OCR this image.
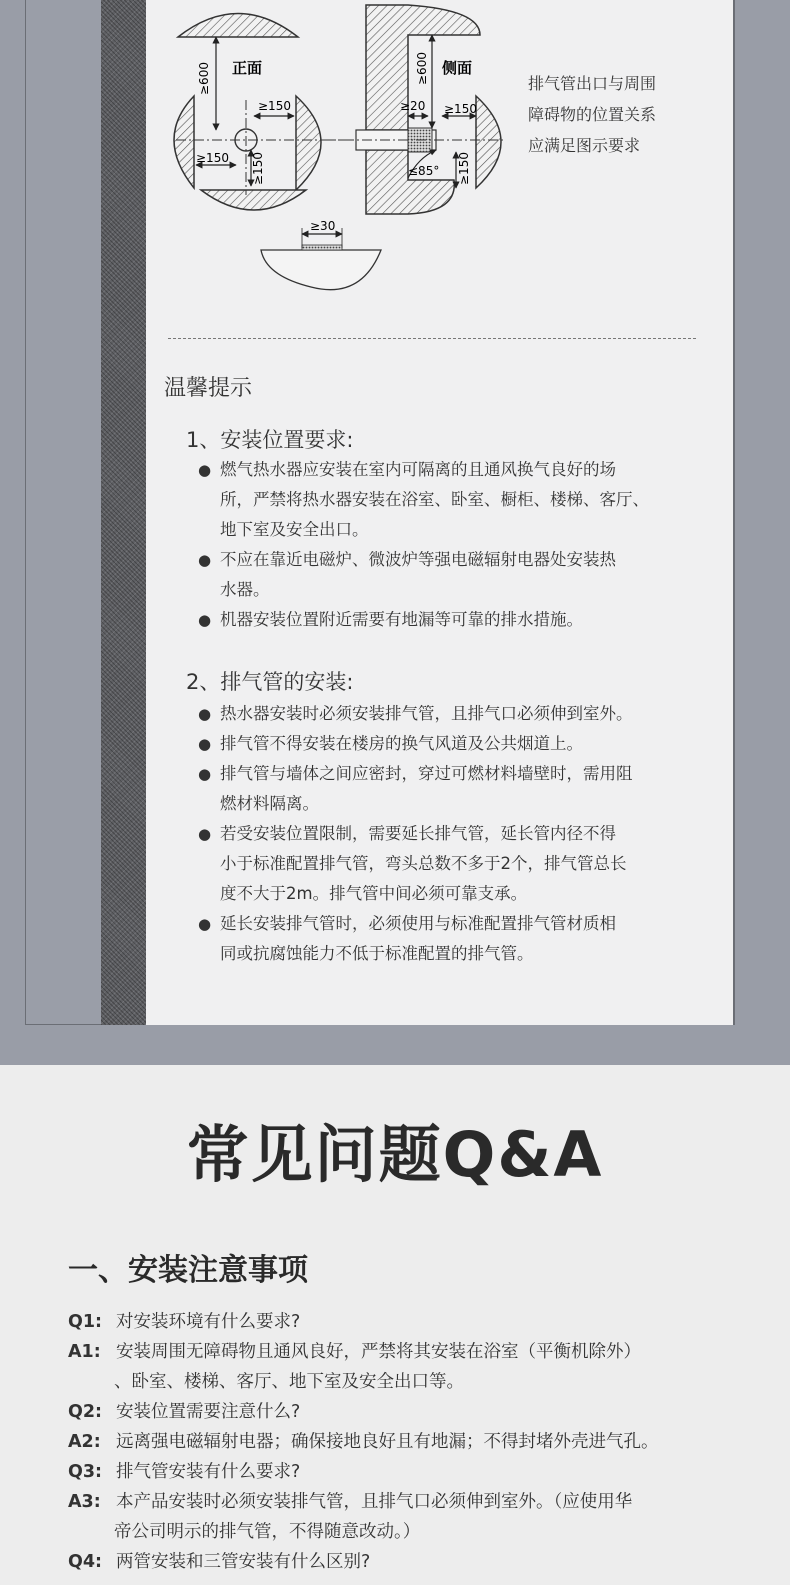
≥600
≥150
≥150 ≥150
正面	≥600
≥20 ≥150
≤85° ≥150
侧面
≥30
排气管出口与周围
障碍物的位置关系
应满足图示要求
温馨提示
1、安装位置要求:
● 燃气热水器应安装在室内可隔离的且通风换气良好的场
所，严禁将热水器安装在浴室、卧室、橱柜、楼梯、客厅、
地下室及安全出口。
● 不应在靠近电磁炉、微波炉等强电磁辐射电器处安装热
水器。
● 机器安装位置附近需要有地漏等可靠的排水措施。
2、排气管的安装:
● 热水器安装时必须安装排气管，且排气口必须伸到室外。
● 排气管不得安装在楼房的换气风道及公共烟道上。
● 排气管与墙体之间应密封，穿过可燃材料墙壁时，需用阻
燃材料隔离。
● 若受安装位置限制，需要延长排气管，延长管内径不得
小于标准配置排气管，弯头总数不多于2个，排气管总长
度不大于2m。排气管中间必须可靠支承。
● 延长安装排气管时，必须使用与标准配置排气管材质相
同或抗腐蚀能力不低于标准配置的排气管。
常见问题Q&A
一、安装注意事项
Q1: 对安装环境有什么要求?
A1: 安装周围无障碍物且通风良好，严禁将其安装在浴室（平衡机除外）
、卧室、楼梯、客厅、地下室及安全出口等。
Q2: 安装位置需要注意什么?
A2: 远离强电磁辐射电器；确保接地良好且有地漏；不得封堵外壳进气孔。
Q3: 排气管安装有什么要求?
A3: 本产品安装时必须安装排气管，且排气口必须伸到室外。（应使用华
帝公司明示的排气管，不得随意改动。）
Q4: 两管安装和三管安装有什么区别?
